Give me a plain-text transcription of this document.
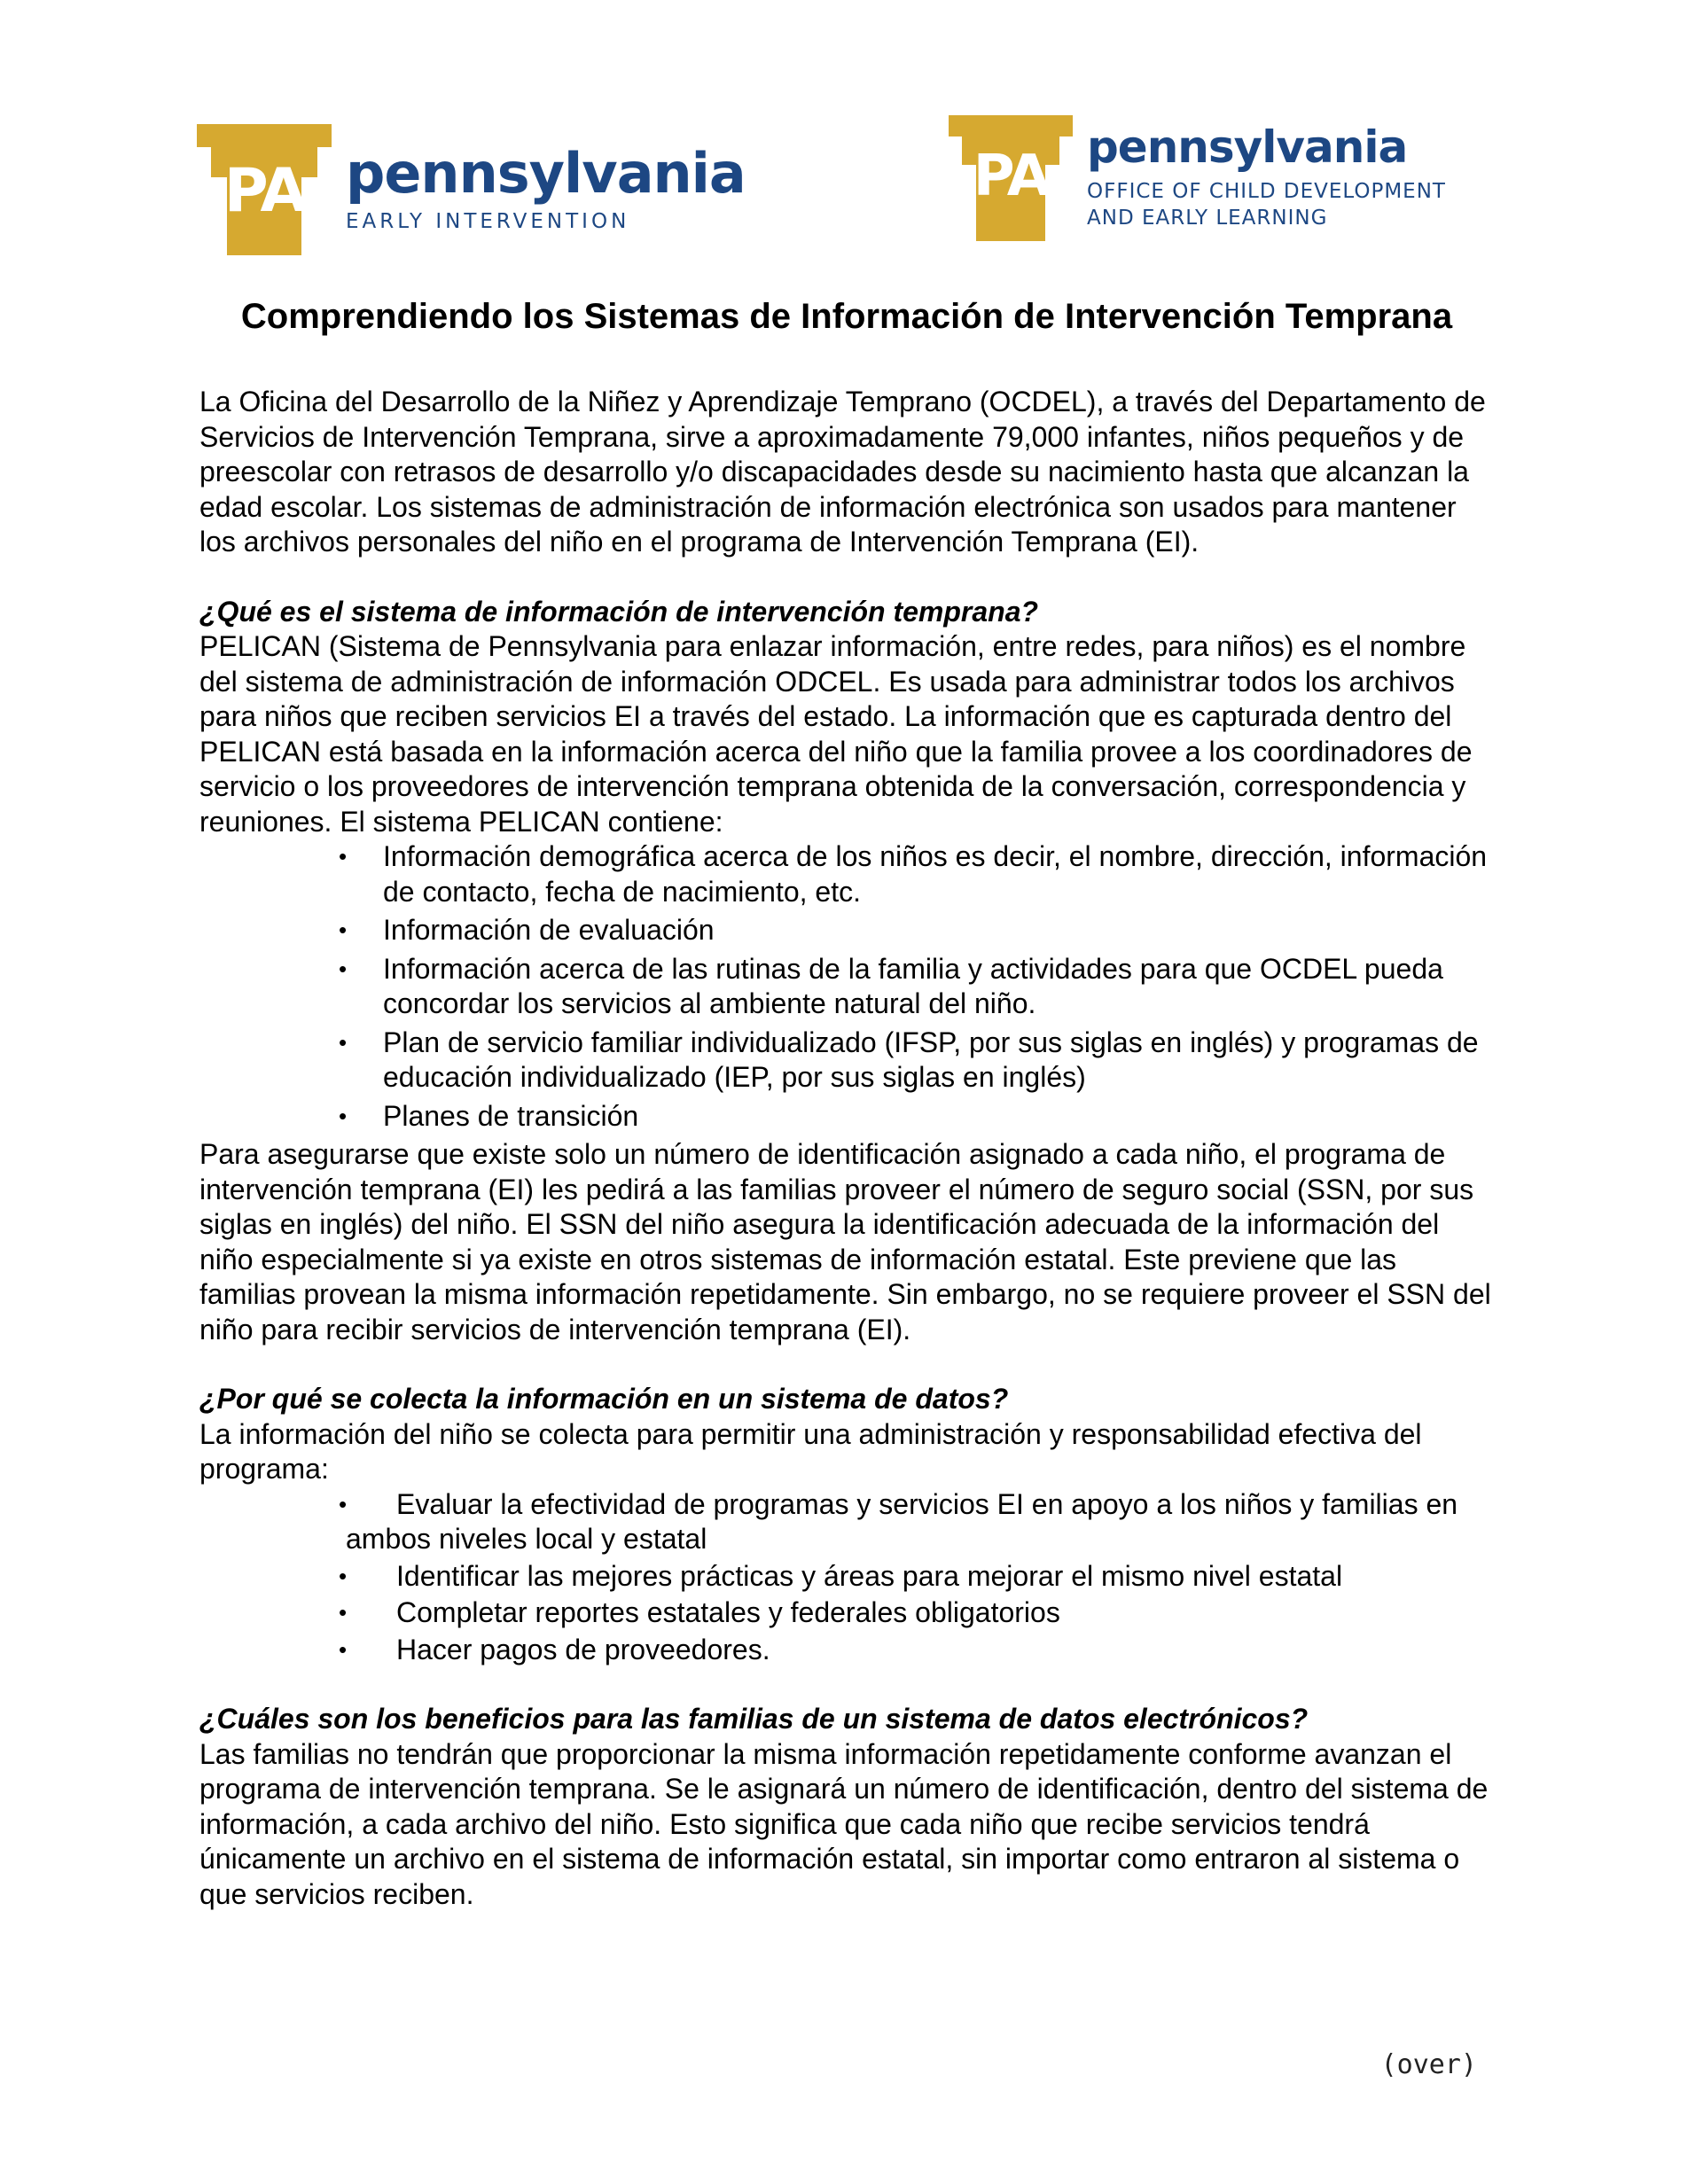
PA pennsylvania
EARLY INTERVENTION
PA pennsylvania
OFFICE OF CHILD DEVELOPMENT
AND EARLY LEARNING
Comprendiendo los Sistemas de Información de Intervención Temprana

La Oficina del Desarrollo de la Niñez y Aprendizaje Temprano (OCDEL), a través del Departamento de Servicios de Intervención Temprana, sirve a aproximadamente 79,000 infantes, niños pequeños y de preescolar con retrasos de desarrollo y/o discapacidades desde su nacimiento hasta que alcanzan la edad escolar. Los sistemas de administración de información electrónica son usados para mantener los archivos personales del niño en el programa de Intervención Temprana (EI).

¿Qué es el sistema de información de intervención temprana?

PELICAN (Sistema de Pennsylvania para enlazar información, entre redes, para niños) es el nombre del sistema de administración de información ODCEL. Es usada para administrar todos los archivos para niños que reciben servicios EI a través del estado. La información que es capturada dentro del PELICAN está basada en la información acerca del niño que la familia provee a los coordinadores de servicio o los proveedores de intervención temprana obtenida de la conversación, correspondencia y reuniones. El sistema PELICAN contiene:

• Información demográfica acerca de los niños es decir, el nombre, dirección, información de contacto, fecha de nacimiento, etc.
• Información de evaluación
• Información acerca de las rutinas de la familia y actividades para que OCDEL pueda concordar los servicios al ambiente natural del niño.
• Plan de servicio familiar individualizado (IFSP, por sus siglas en inglés) y programas de educación individualizado (IEP, por sus siglas en inglés)
• Planes de transición

Para asegurarse que existe solo un número de identificación asignado a cada niño, el programa de intervención temprana (EI) les pedirá a las familias proveer el número de seguro social (SSN, por sus siglas en inglés) del niño. El SSN del niño asegura la identificación adecuada de la información del niño especialmente si ya existe en otros sistemas de información estatal. Este previene que las familias provean la misma información repetidamente. Sin embargo, no se requiere proveer el SSN del niño para recibir servicios de intervención temprana (EI).

¿Por qué se colecta la información en un sistema de datos?

La información del niño se colecta para permitir una administración y responsabilidad efectiva del programa:

• Evaluar la efectividad de programas y servicios EI en apoyo a los niños y familias en ambos niveles local y estatal
• Identificar las mejores prácticas y áreas para mejorar el mismo nivel estatal
• Completar reportes estatales y federales obligatorios
• Hacer pagos de proveedores.
¿Cuáles son los beneficios para las familias de un sistema de datos electrónicos?

Las familias no tendrán que proporcionar la misma información repetidamente conforme avanzan el programa de intervención temprana. Se le asignará un número de identificación, dentro del sistema de información, a cada archivo del niño. Esto significa que cada niño que recibe servicios tendrá únicamente un archivo en el sistema de información estatal, sin importar como entraron al sistema o que servicios reciben.

(over)
